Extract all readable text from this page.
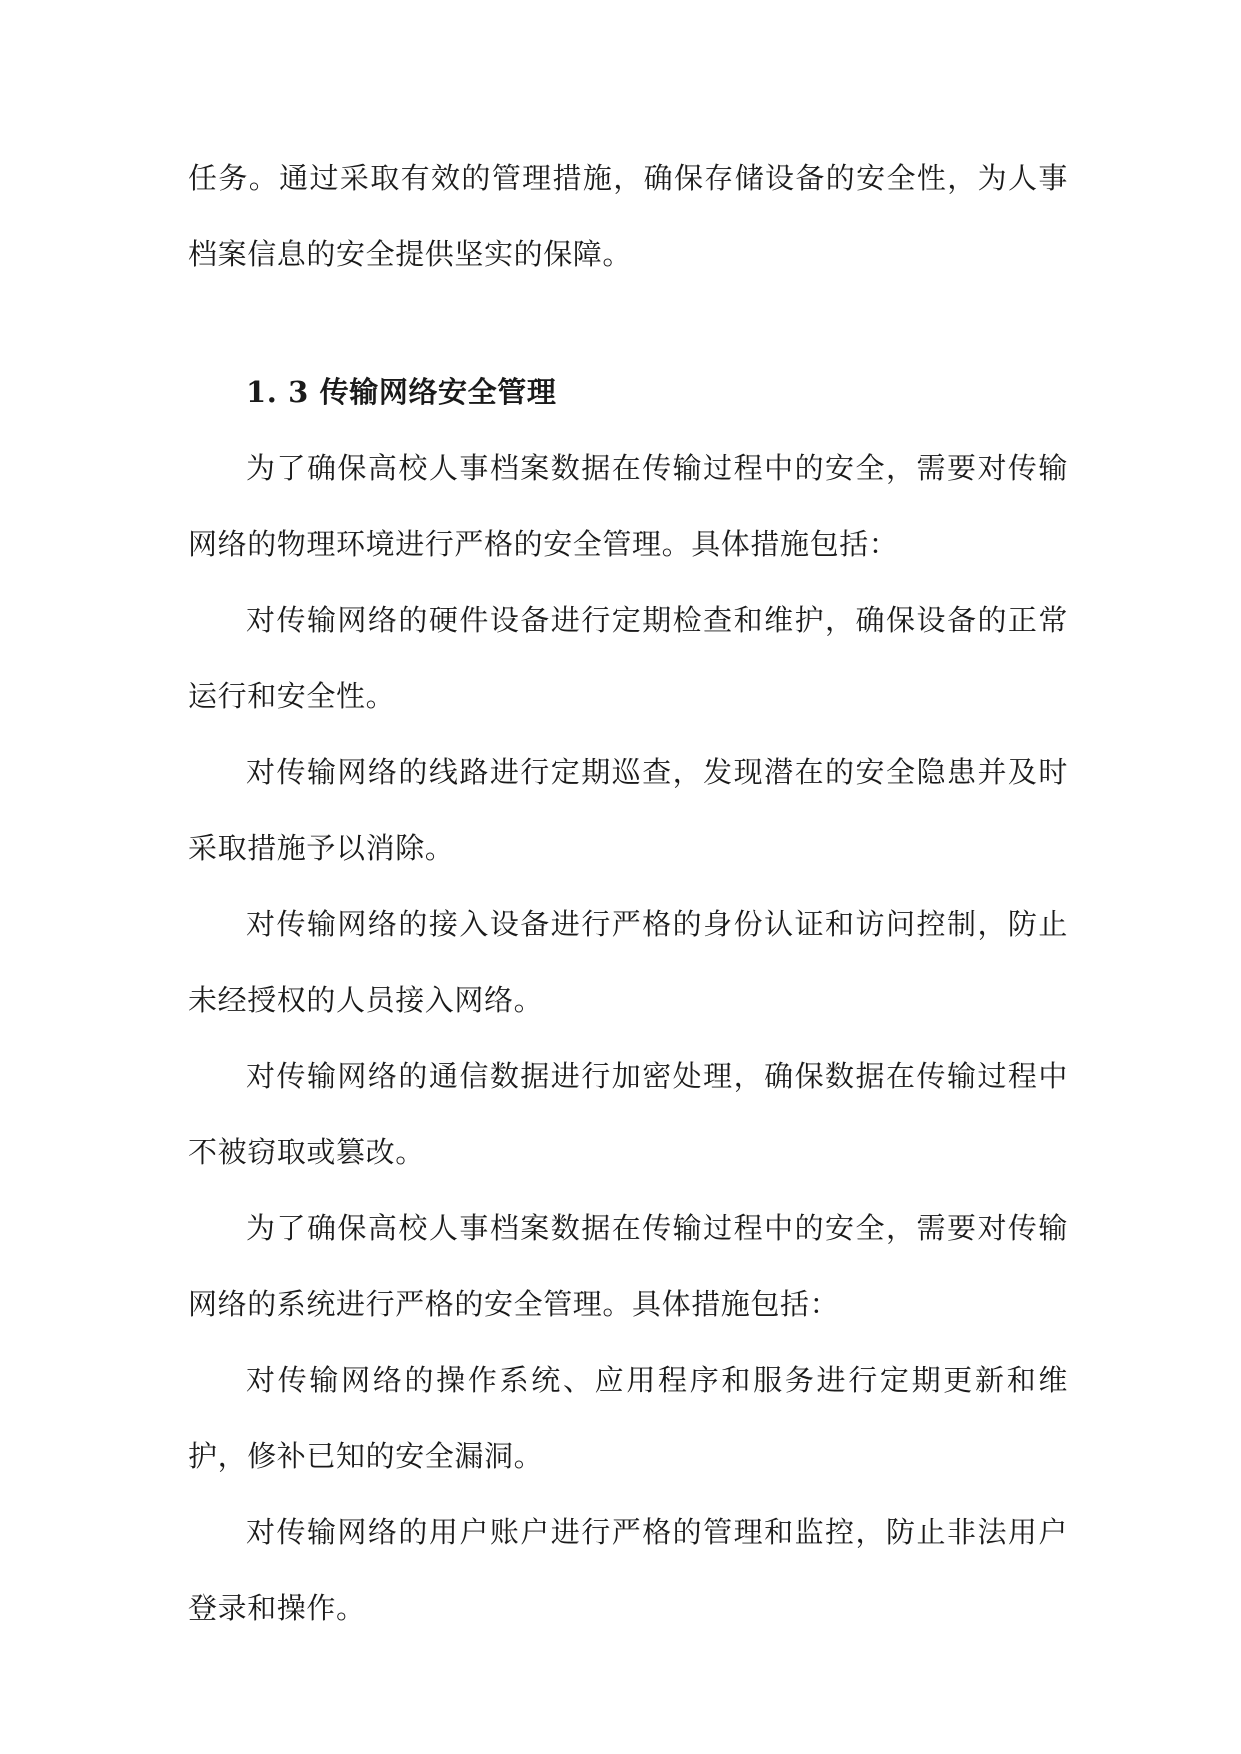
任务。通过采取有效的管理措施，确保存储设备的安全性，为人事档案信息的安全提供坚实的保障。

1. 3 传输网络安全管理

为了确保高校人事档案数据在传输过程中的安全，需要对传输网络的物理环境进行严格的安全管理。具体措施包括：

对传输网络的硬件设备进行定期检查和维护，确保设备的正常运行和安全性。

对传输网络的线路进行定期巡查，发现潜在的安全隐患并及时采取措施予以消除。

对传输网络的接入设备进行严格的身份认证和访问控制，防止未经授权的人员接入网络。

对传输网络的通信数据进行加密处理，确保数据在传输过程中不被窃取或篡改。

为了确保高校人事档案数据在传输过程中的安全，需要对传输网络的系统进行严格的安全管理。具体措施包括：

对传输网络的操作系统、应用程序和服务进行定期更新和维护，修补已知的安全漏洞。

对传输网络的用户账户进行严格的管理和监控，防止非法用户登录和操作。
